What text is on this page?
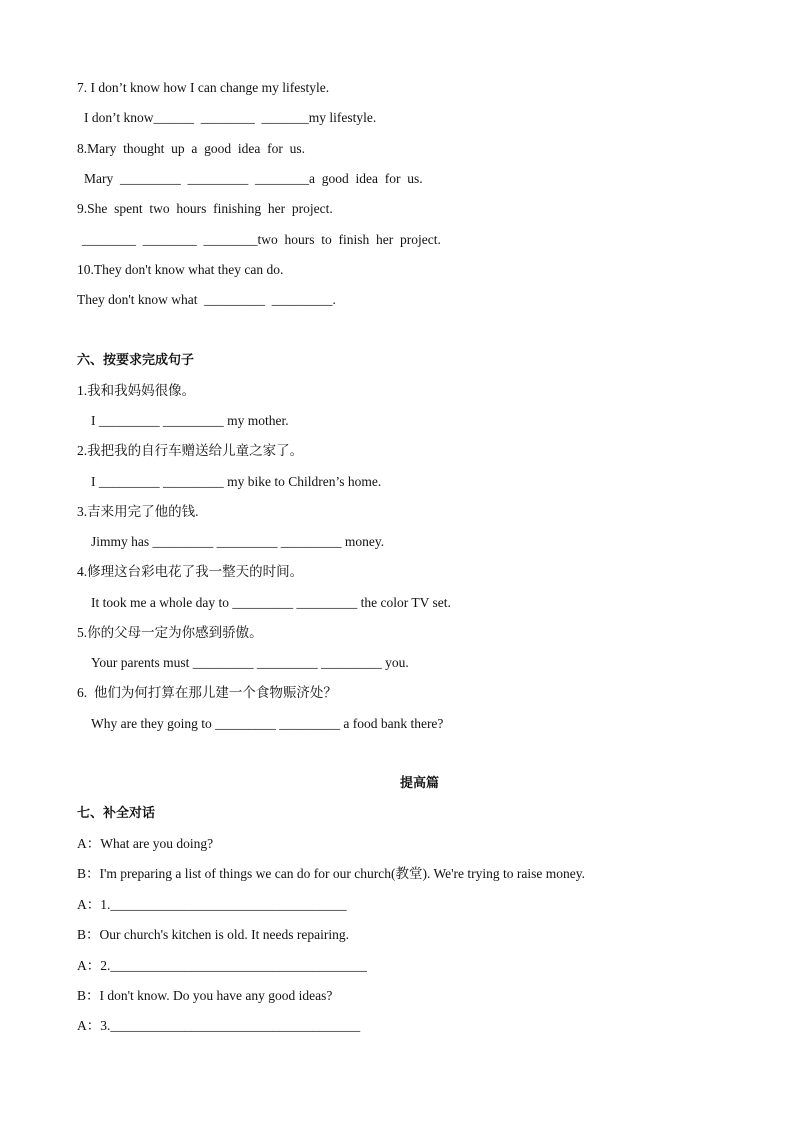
7. I don’t know how I can change my lifestyle.
I don’t know______  ________  _______my lifestyle.
8.Mary  thought  up  a  good  idea  for  us.
Mary  _________  _________  ________a  good  idea  for  us.
9.She  spent  two  hours  finishing  her  project.
________  ________  ________two  hours  to  finish  her  project.
10.They don't know what they can do.
They don't know what  _________  _________.
六、按要求完成句子
1.我和我妈妈很像。
I _________ _________ my mother.
2.我把我的自行车赠送给儿童之家了。
I _________ _________ my bike to Children’s home.
3.吉来用完了他的钱.
Jimmy has _________ _________ _________ money.
4.修理这台彩电花了我一整天的时间。
It took me a whole day to _________ _________ the color TV set.
5.你的父母一定为你感到骄傲。
Your parents must _________ _________ _________ you.
6.  他们为何打算在那儿建一个食物赈济处？
Why are they going to _________ _________ a food bank there?
提高篇
七、补全对话
A：What are you doing?
B：I'm preparing a list of things we can do for our church(教堂). We're trying to raise money.
A：1.___________________________________
B：Our church's kitchen is old. It needs repairing.
A：2.______________________________________
B：I don't know. Do you have any good ideas?
A：3._____________________________________
